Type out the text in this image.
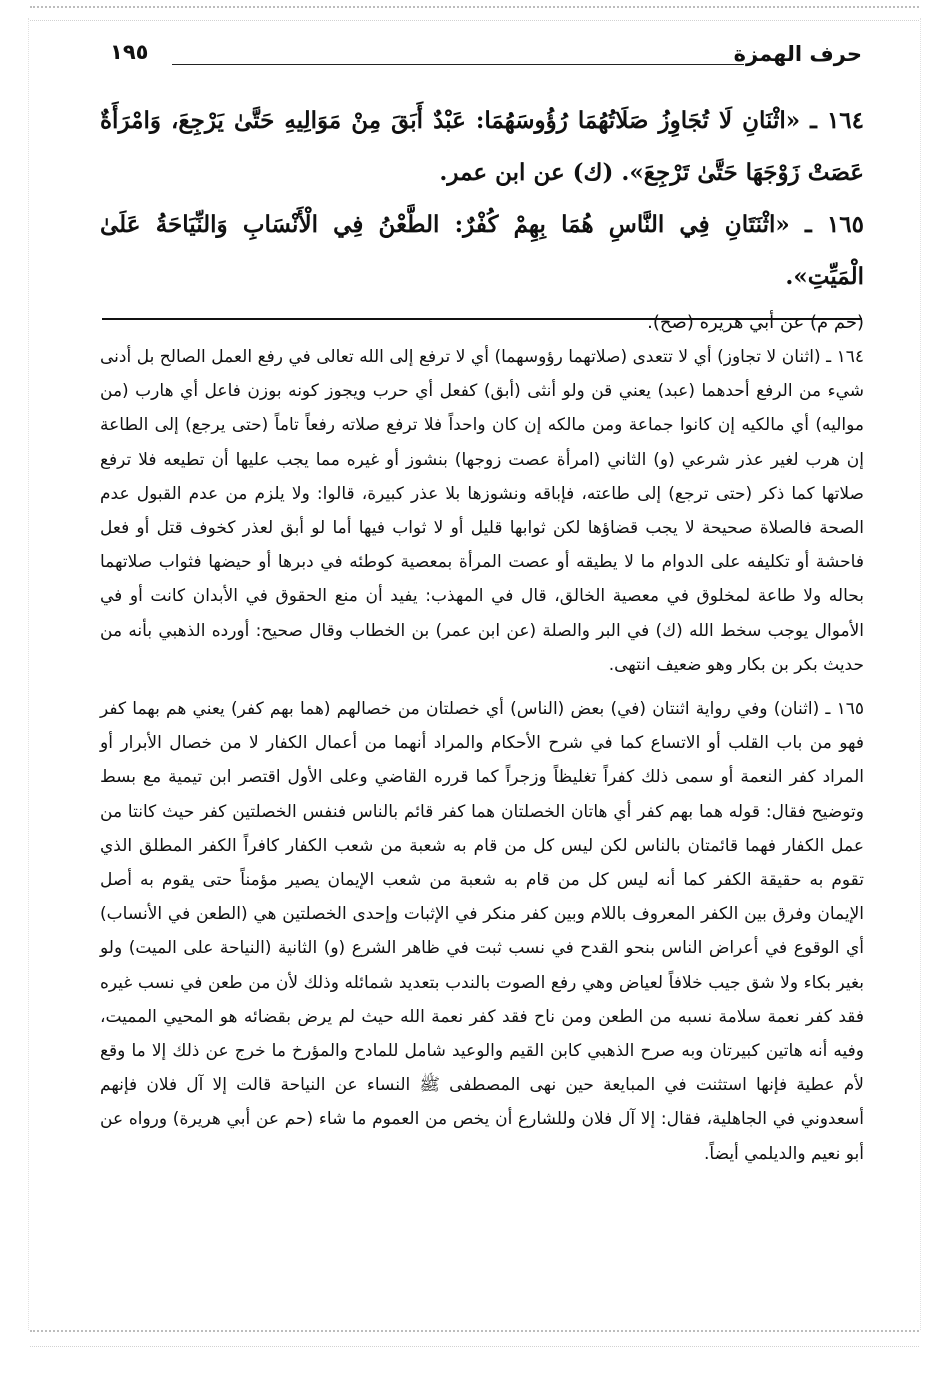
حرف الهمزة
١٩٥

١٦٤ ـ «اثْنَانِ لَا تُجَاوِزُ صَلَاتُهُمَا رُؤُوسَهُمَا: عَبْدٌ أَبَقَ مِنْ مَوَالِيهِ حَتَّىٰ يَرْجِعَ، وَامْرَأَةٌ عَصَتْ زَوْجَهَا حَتَّىٰ تَرْجِعَ». (ك) عن ابن عمر.

١٦٥ ـ «اثْنَتَانِ فِي النَّاسِ هُمَا بِهِمْ كُفْرٌ: الطَّعْنُ فِي الْأَنْسَابِ وَالنِّيَاحَةُ عَلَىٰ الْمَيِّتِ».

(حم م) عن أبي هريرة (صح).

١٦٤ ـ (اثنان لا تجاوز) أي لا تتعدى (صلاتهما رؤوسهما) أي لا ترفع إلى الله تعالى في رفع العمل الصالح بل أدنى شيء من الرفع أحدهما (عبد) يعني قن ولو أنثى (أبق) كفعل أي حرب ويجوز كونه بوزن فاعل أي هارب (من مواليه) أي مالكيه إن كانوا جماعة ومن مالكه إن كان واحداً فلا ترفع صلاته رفعاً تاماً (حتى يرجع) إلى الطاعة إن هرب لغير عذر شرعي (و) الثاني (امرأة عصت زوجها) بنشوز أو غيره مما يجب عليها أن تطيعه فلا ترفع صلاتها كما ذكر (حتى ترجع) إلى طاعته، فإباقه ونشوزها بلا عذر كبيرة، قالوا: ولا يلزم من عدم القبول عدم الصحة فالصلاة صحيحة لا يجب قضاؤها لكن ثوابها قليل أو لا ثواب فيها أما لو أبق لعذر كخوف قتل أو فعل فاحشة أو تكليفه على الدوام ما لا يطيقه أو عصت المرأة بمعصية كوطئه في دبرها أو حيضها فثواب صلاتهما بحاله ولا طاعة لمخلوق في معصية الخالق، قال في المهذب: يفيد أن منع الحقوق في الأبدان كانت أو في الأموال يوجب سخط الله (ك) في البر والصلة (عن ابن عمر) بن الخطاب وقال صحيح: أورده الذهبي بأنه من حديث بكر بن بكار وهو ضعيف انتهى.

١٦٥ ـ (اثنان) وفي رواية اثنتان (في) بعض (الناس) أي خصلتان من خصالهم (هما بهم كفر) يعني هم بهما كفر فهو من باب القلب أو الاتساع كما في شرح الأحكام والمراد أنهما من أعمال الكفار لا من خصال الأبرار أو المراد كفر النعمة أو سمى ذلك كفراً تغليظاً وزجراً كما قرره القاضي وعلى الأول اقتصر ابن تيمية مع بسط وتوضيح فقال: قوله هما بهم كفر أي هاتان الخصلتان هما كفر قائم بالناس فنفس الخصلتين كفر حيث كانتا من عمل الكفار فهما قائمتان بالناس لكن ليس كل من قام به شعبة من شعب الكفار كافراً الكفر المطلق الذي تقوم به حقيقة الكفر كما أنه ليس كل من قام به شعبة من شعب الإيمان يصير مؤمناً حتى يقوم به أصل الإيمان وفرق بين الكفر المعروف باللام وبين كفر منكر في الإثبات وإحدى الخصلتين هي (الطعن في الأنساب) أي الوقوع في أعراض الناس بنحو القدح في نسب ثبت في ظاهر الشرع (و) الثانية (النياحة على الميت) ولو بغير بكاء ولا شق جيب خلافاً لعياض وهي رفع الصوت بالندب بتعديد شمائله وذلك لأن من طعن في نسب غيره فقد كفر نعمة سلامة نسبه من الطعن ومن ناح فقد كفر نعمة الله حيث لم يرض بقضائه هو المحيي المميت، وفيه أنه هاتين كبيرتان وبه صرح الذهبي كابن القيم والوعيد شامل للمادح والمؤرخ ما خرج عن ذلك إلا ما وقع لأم عطية فإنها استثنت في المبايعة حين نهى المصطفى ﷺ النساء عن النياحة قالت إلا آل فلان فإنهم أسعدوني في الجاهلية، فقال: إلا آل فلان وللشارع أن يخص من العموم ما شاء (حم عن أبي هريرة) ورواه عن أبو نعيم والديلمي أيضاً.
